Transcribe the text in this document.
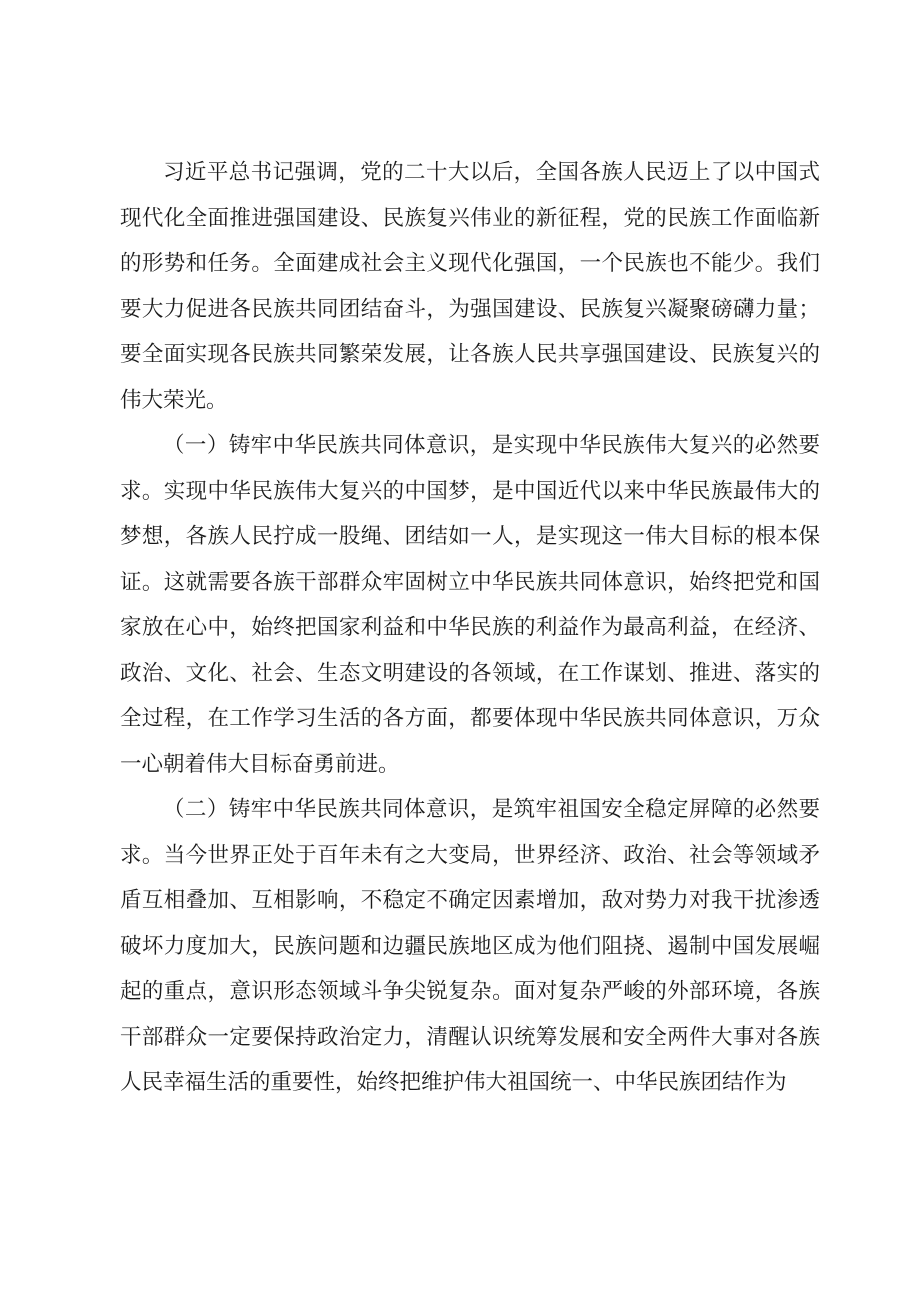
习近平总书记强调，党的二十大以后，全国各族人民迈上了以中国式现代化全面推进强国建设、民族复兴伟业的新征程，党的民族工作面临新的形势和任务。全面建成社会主义现代化强国，一个民族也不能少。我们要大力促进各民族共同团结奋斗，为强国建设、民族复兴凝聚磅礴力量；要全面实现各民族共同繁荣发展，让各族人民共享强国建设、民族复兴的伟大荣光。

（一）铸牢中华民族共同体意识，是实现中华民族伟大复兴的必然要求。实现中华民族伟大复兴的中国梦，是中国近代以来中华民族最伟大的梦想，各族人民拧成一股绳、团结如一人，是实现这一伟大目标的根本保证。这就需要各族干部群众牢固树立中华民族共同体意识，始终把党和国家放在心中，始终把国家利益和中华民族的利益作为最高利益，在经济、政治、文化、社会、生态文明建设的各领域，在工作谋划、推进、落实的全过程，在工作学习生活的各方面，都要体现中华民族共同体意识，万众一心朝着伟大目标奋勇前进。

（二）铸牢中华民族共同体意识，是筑牢祖国安全稳定屏障的必然要求。当今世界正处于百年未有之大变局，世界经济、政治、社会等领域矛盾互相叠加、互相影响，不稳定不确定因素增加，敌对势力对我干扰渗透破坏力度加大，民族问题和边疆民族地区成为他们阻挠、遏制中国发展崛起的重点，意识形态领域斗争尖锐复杂。面对复杂严峻的外部环境，各族干部群众一定要保持政治定力，清醒认识统筹发展和安全两件大事对各族人民幸福生活的重要性，始终把维护伟大祖国统一、中华民族团结作为
